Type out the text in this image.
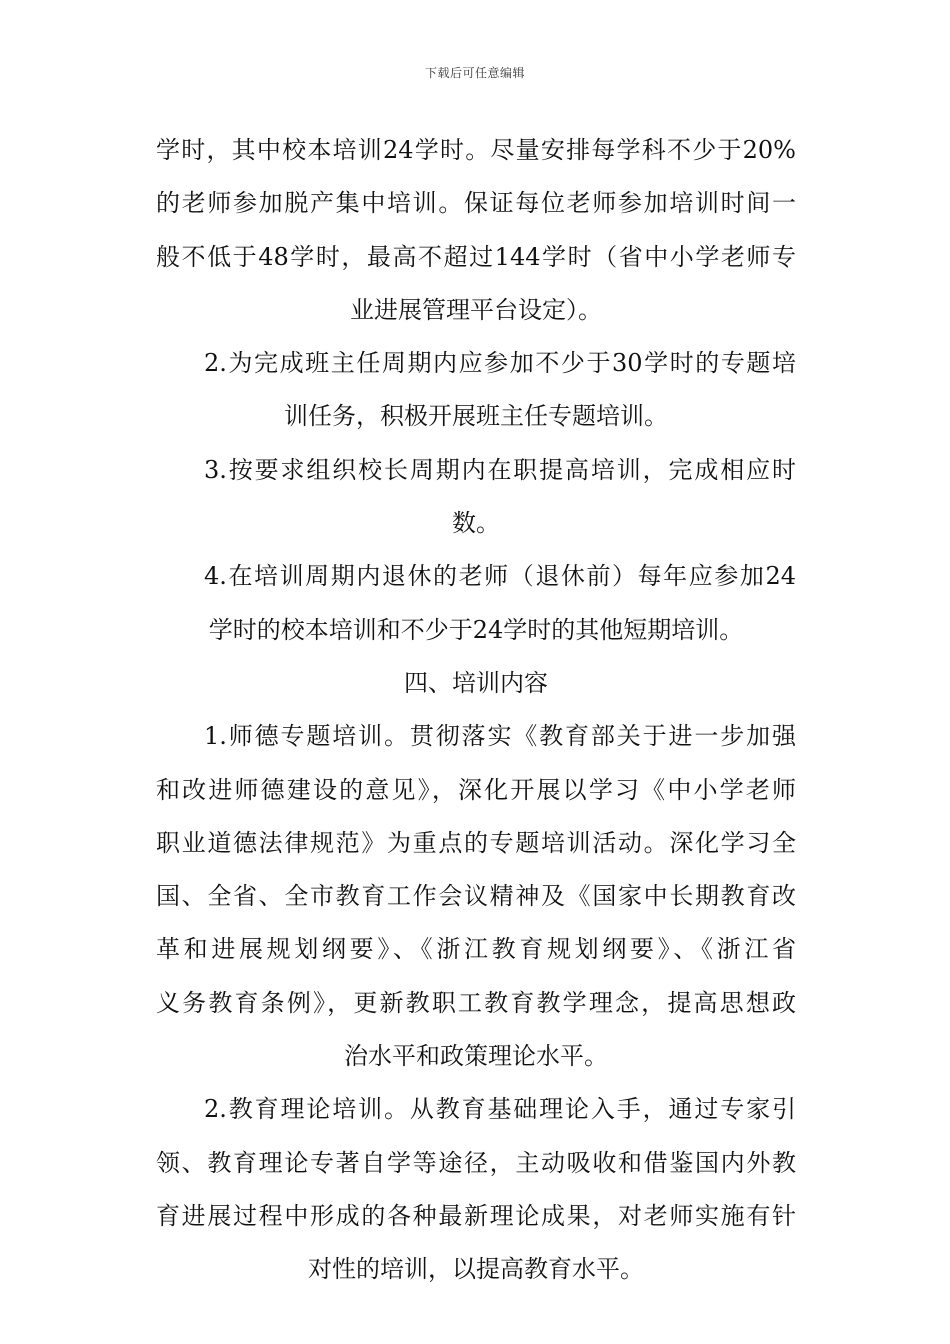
下载后可任意编辑
学时，其中校本培训24学时。尽量安排每学科不少于20%
的老师参加脱产集中培训。保证每位老师参加培训时间一
般不低于48学时，最高不超过144学时（省中小学老师专
业进展管理平台设定）。
2.为完成班主任周期内应参加不少于30学时的专题培
训任务，积极开展班主任专题培训。
3.按要求组织校长周期内在职提高培训，完成相应时
数。
4.在培训周期内退休的老师（退休前）每年应参加24
学时的校本培训和不少于24学时的其他短期培训。
四、培训内容
1.师德专题培训。贯彻落实《教育部关于进一步加强
和改进师德建设的意见》，深化开展以学习《中小学老师
职业道德法律规范》为重点的专题培训活动。深化学习全
国、全省、全市教育工作会议精神及《国家中长期教育改
革和进展规划纲要》、《浙江教育规划纲要》、《浙江省
义务教育条例》，更新教职工教育教学理念，提高思想政
治水平和政策理论水平。
2.教育理论培训。从教育基础理论入手，通过专家引
领、教育理论专著自学等途径，主动吸收和借鉴国内外教
育进展过程中形成的各种最新理论成果，对老师实施有针
对性的培训，以提高教育水平。
